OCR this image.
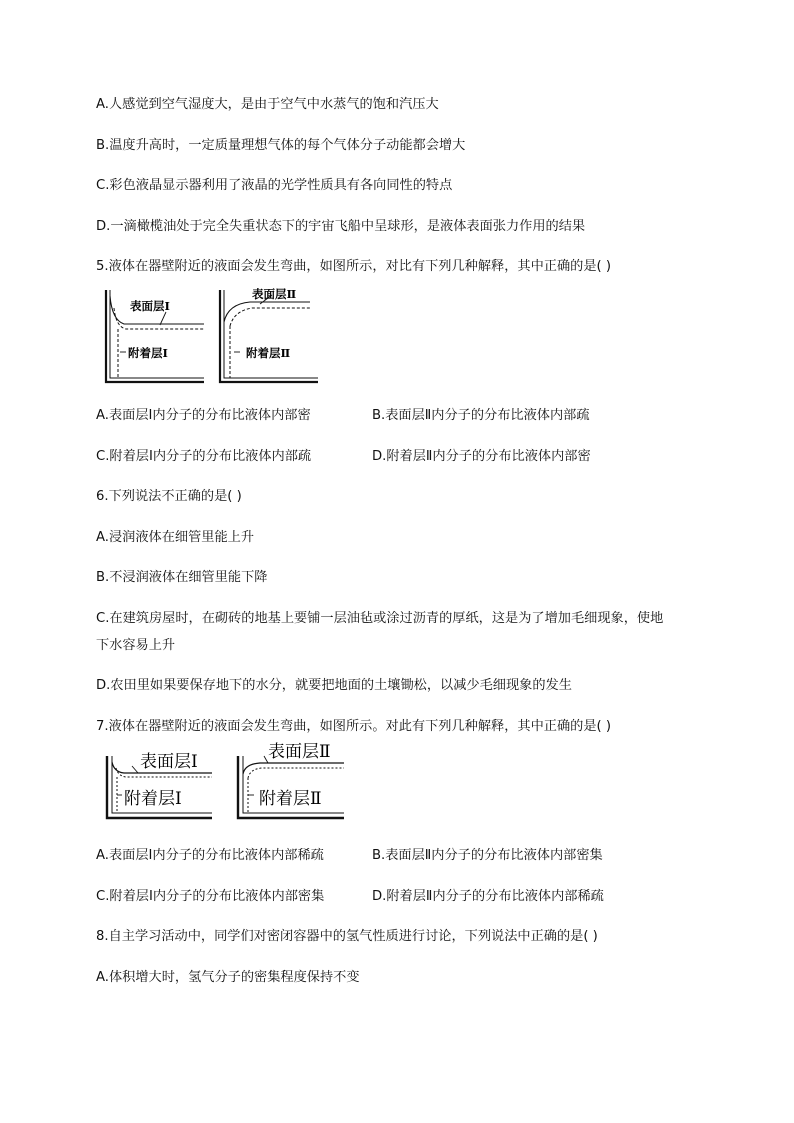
A.人感觉到空气湿度大，是由于空气中水蒸气的饱和汽压大
B.温度升高时，一定质量理想气体的每个气体分子动能都会增大
C.彩色液晶显示器利用了液晶的光学性质具有各向同性的特点
D.一滴橄榄油处于完全失重状态下的宇宙飞船中呈球形，是液体表面张力作用的结果
5.液体在器壁附近的液面会发生弯曲，如图所示，对比有下列几种解释，其中正确的是( )
表面层Ⅰ
附着层Ⅰ
表面层Ⅱ
附着层Ⅱ
A.表面层Ⅰ内分子的分布比液体内部密	B.表面层Ⅱ内分子的分布比液体内部疏
C.附着层Ⅰ内分子的分布比液体内部疏	D.附着层Ⅱ内分子的分布比液体内部密
6.下列说法不正确的是( )
A.浸润液体在细管里能上升
B.不浸润液体在细管里能下降
C.在建筑房屋时，在砌砖的地基上要铺一层油毡或涂过沥青的厚纸，这是为了增加毛细现象，使地
下水容易上升
D.农田里如果要保存地下的水分，就要把地面的土壤锄松，以减少毛细现象的发生
7.液体在器壁附近的液面会发生弯曲，如图所示。对此有下列几种解释，其中正确的是( )
表面层Ⅰ
附着层Ⅰ
表面层Ⅱ
附着层Ⅱ
A.表面层Ⅰ内分子的分布比液体内部稀疏	B.表面层Ⅱ内分子的分布比液体内部密集
C.附着层Ⅰ内分子的分布比液体内部密集	D.附着层Ⅱ内分子的分布比液体内部稀疏
8.自主学习活动中，同学们对密闭容器中的氢气性质进行讨论，下列说法中正确的是( )
A.体积增大时，氢气分子的密集程度保持不变
